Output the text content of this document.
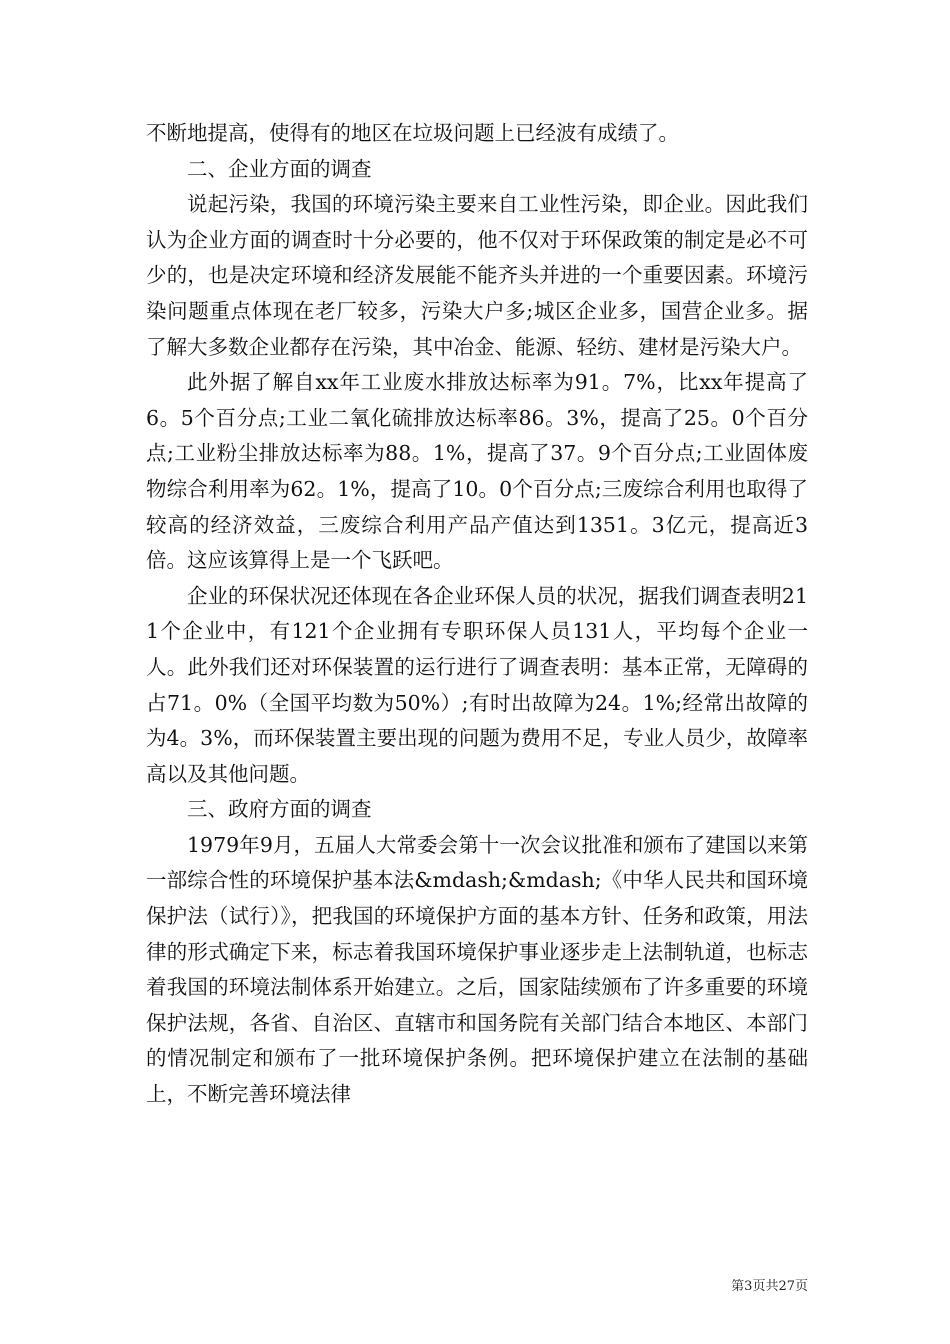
不断地提高，使得有的地区在垃圾问题上已经波有成绩了。

二、企业方面的调查

说起污染，我国的环境污染主要来自工业性污染，即企业。因此我们认为企业方面的调查时十分必要的，他不仅对于环保政策的制定是必不可少的，也是决定环境和经济发展能不能齐头并进的一个重要因素。环境污染问题重点体现在老厂较多，污染大户多;城区企业多，国营企业多。据了解大多数企业都存在污染，其中冶金、能源、轻纺、建材是污染大户。

此外据了解自xx年工业废水排放达标率为91。7%，比xx年提高了6。5个百分点;工业二氧化硫排放达标率86。3%，提高了25。0个百分点;工业粉尘排放达标率为88。1%，提高了37。9个百分点;工业固体废物综合利用率为62。1%，提高了10。0个百分点;三废综合利用也取得了较高的经济效益，三废综合利用产品产值达到1351。3亿元，提高近3倍。这应该算得上是一个飞跃吧。

企业的环保状况还体现在各企业环保人员的状况，据我们调查表明211个企业中，有121个企业拥有专职环保人员131人，平均每个企业一人。此外我们还对环保装置的运行进行了调查表明：基本正常，无障碍的占71。0%（全国平均数为50%）;有时出故障为24。1%;经常出故障的为4。3%，而环保装置主要出现的问题为费用不足，专业人员少，故障率高以及其他问题。

三、政府方面的调查

1979年9月，五届人大常委会第十一次会议批准和颁布了建国以来第一部综合性的环境保护基本法&mdash;&mdash;《中华人民共和国环境保护法（试行）》，把我国的环境保护方面的基本方针、任务和政策，用法律的形式确定下来，标志着我国环境保护事业逐步走上法制轨道，也标志着我国的环境法制体系开始建立。之后，国家陆续颁布了许多重要的环境保护法规，各省、自治区、直辖市和国务院有关部门结合本地区、本部门的情况制定和颁布了一批环境保护条例。把环境保护建立在法制的基础上，不断完善环境法律

第3页共27页
